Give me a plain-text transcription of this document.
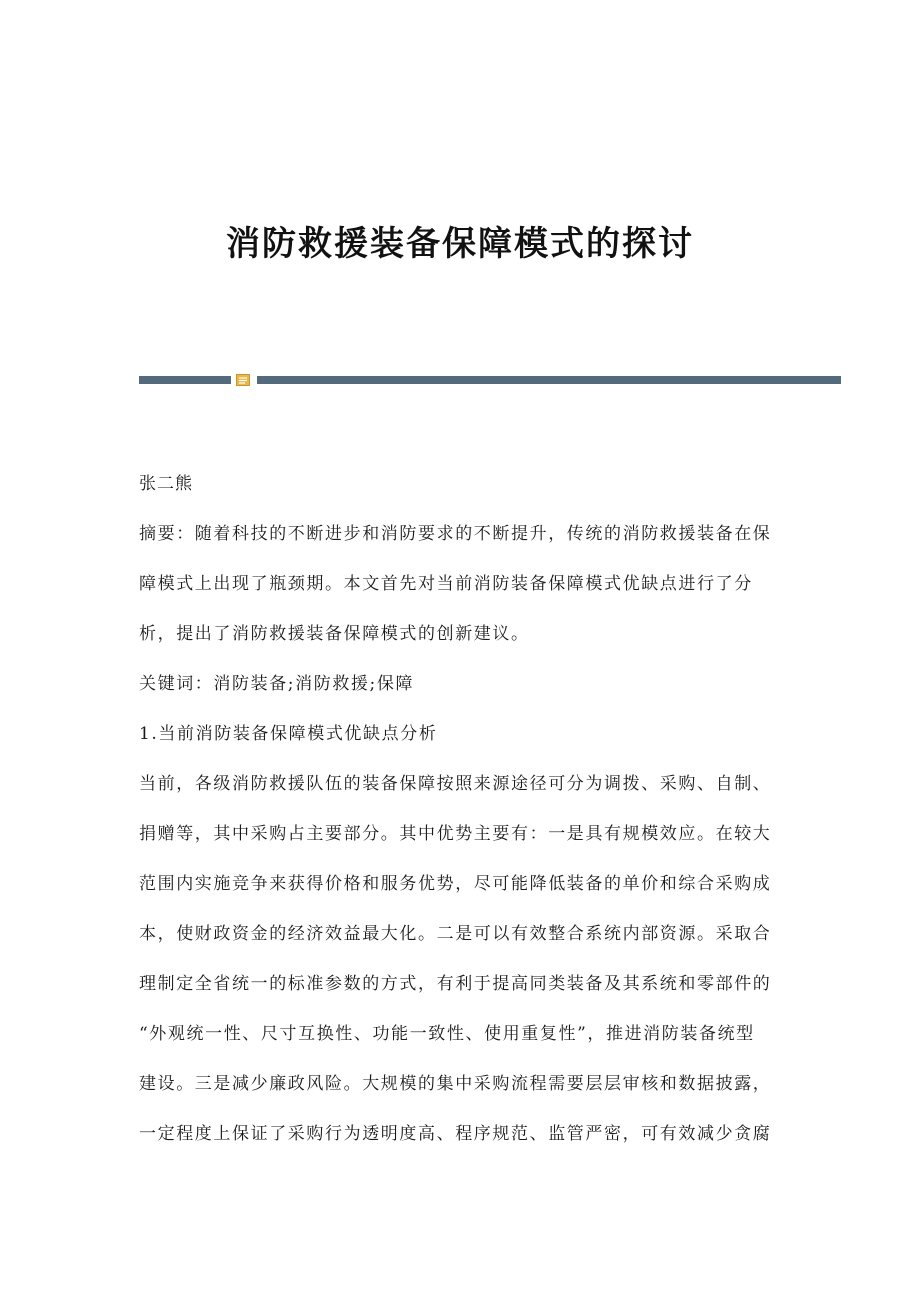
消防救援装备保障模式的探讨
张二熊
摘要：随着科技的不断进步和消防要求的不断提升，传统的消防救援装备在保
障模式上出现了瓶颈期。本文首先对当前消防装备保障模式优缺点进行了分
析，提出了消防救援装备保障模式的创新建议。
关键词：消防装备;消防救援;保障
1.当前消防装备保障模式优缺点分析
当前，各级消防救援队伍的装备保障按照来源途径可分为调拨、采购、自制、
捐赠等，其中采购占主要部分。其中优势主要有：一是具有规模效应。在较大
范围内实施竞争来获得价格和服务优势，尽可能降低装备的单价和综合采购成
本，使财政资金的经济效益最大化。二是可以有效整合系统内部资源。采取合
理制定全省统一的标准参数的方式，有利于提高同类装备及其系统和零部件的
“外观统一性、尺寸互换性、功能一致性、使用重复性”，推进消防装备统型
建设。三是减少廉政风险。大规模的集中采购流程需要层层审核和数据披露，
一定程度上保证了采购行为透明度高、程序规范、监管严密，可有效减少贪腐
